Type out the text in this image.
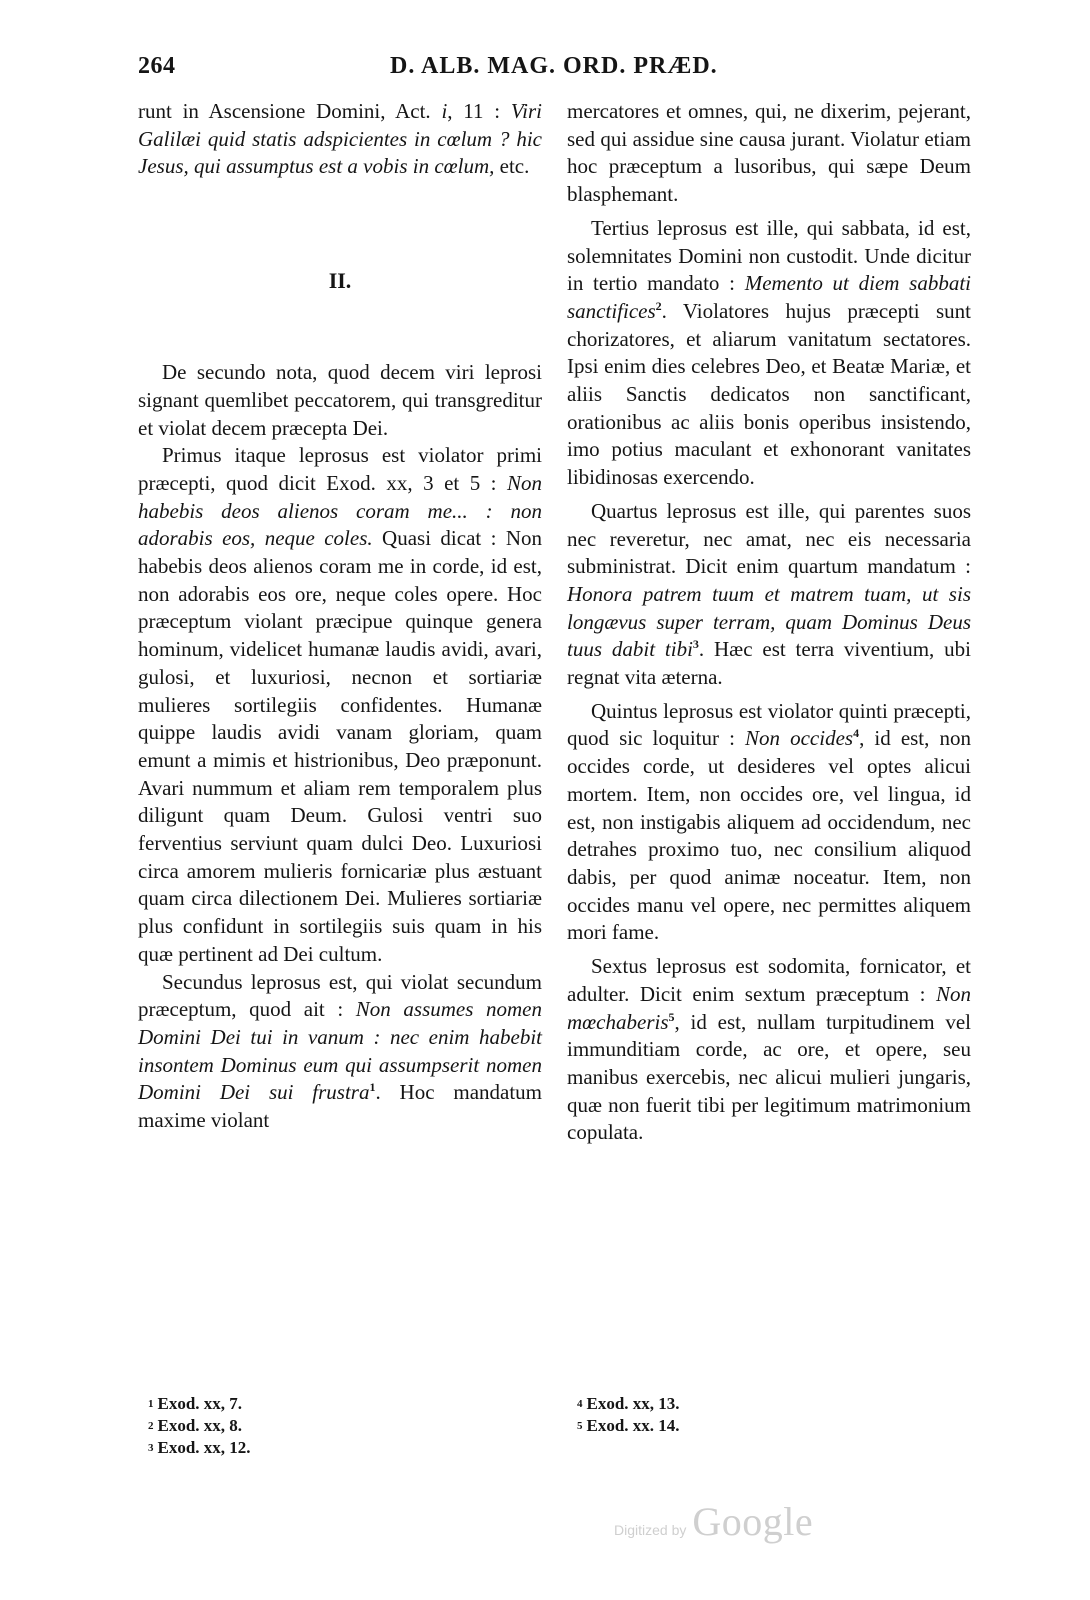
264	D. ALB. MAG. ORD. PRÆD.

runt in Ascensione Domini, Act. i, 11 : Viri Galilæi quid statis adspicientes in cœlum ? hic Jesus, qui assumptus est a vobis in cœlum, etc.

II.

De secundo nota, quod decem viri leprosi signant quemlibet peccatorem, qui transgreditur et violat decem præcepta Dei.

Primus itaque leprosus est violator primi præcepti, quod dicit Exod. xx, 3 et 5 : Non habebis deos alienos coram me... : non adorabis eos, neque coles. Quasi dicat : Non habebis deos alienos coram me in corde, id est, non adorabis eos ore, neque coles opere. Hoc præceptum violant præcipue quinque genera hominum, videlicet humanæ laudis avidi, avari, gulosi, et luxuriosi, necnon et sortiariæ mulieres sortilegiis confidentes. Humanæ quippe laudis avidi vanam gloriam, quam emunt a mimis et histrionibus, Deo præponunt. Avari nummum et aliam rem temporalem plus diligunt quam Deum. Gulosi ventri suo ferventius serviunt quam dulci Deo. Luxuriosi circa amorem mulieris fornicariæ plus æstuant quam circa dilectionem Dei. Mulieres sortiariæ plus confidunt in sortilegiis suis quam in his quæ pertinent ad Dei cultum.

Secundus leprosus est, qui violat secundum præceptum, quod ait : Non assumes nomen Domini Dei tui in vanum : nec enim habebit insontem Dominus eum qui assumpserit nomen Domini Dei sui frustra$^1$. Hoc mandatum maxime violant

mercatores et omnes, qui, ne dixerim, pejerant, sed qui assidue sine causa jurant. Violatur etiam hoc præceptum a lusoribus, qui sæpe Deum blasphemant.

Tertius leprosus est ille, qui sabbata, id est, solemnitates Domini non custodit. Unde dicitur in tertio mandato : Memento ut diem sabbati sanctifices$^2$. Violatores hujus præcepti sunt chorizatores, et aliarum vanitatum sectatores. Ipsi enim dies celebres Deo, et Beatæ Mariæ, et aliis Sanctis dedicatos non sanctificant, orationibus ac aliis bonis operibus insistendo, imo potius maculant et exhonorant vanitates libidinosas exercendo.

Quartus leprosus est ille, qui parentes suos nec reveretur, nec amat, nec eis necessaria subministrat. Dicit enim quartum mandatum : Honora patrem tuum et matrem tuam, ut sis longævus super terram, quam Dominus Deus tuus dabit tibi$^3$. Hæc est terra viventium, ubi regnat vita æterna.

Quintus leprosus est violator quinti præcepti, quod sic loquitur : Non occides$^4$, id est, non occides corde, ut desideres vel optes alicui mortem. Item, non occides ore, vel lingua, id est, non instigabis aliquem ad occidendum, nec detrahes proximo tuo, nec consilium aliquod dabis, per quod animæ noceatur. Item, non occides manu vel opere, nec permittes aliquem mori fame.

Sextus leprosus est sodomita, fornicator, et adulter. Dicit enim sextum præceptum : Non mœchaberis$^5$, id est, nullam turpitudinem vel immunditiam corde, ac ore, et opere, seu manibus exercebis, nec alicui mulieri jungaris, quæ non fuerit tibi per legitimum matrimonium copulata.

1 Exod. xx, 7.
2 Exod. xx, 8.
3 Exod. xx, 12.
4 Exod. xx, 13.
5 Exod. xx. 14.
Digitized by Google
